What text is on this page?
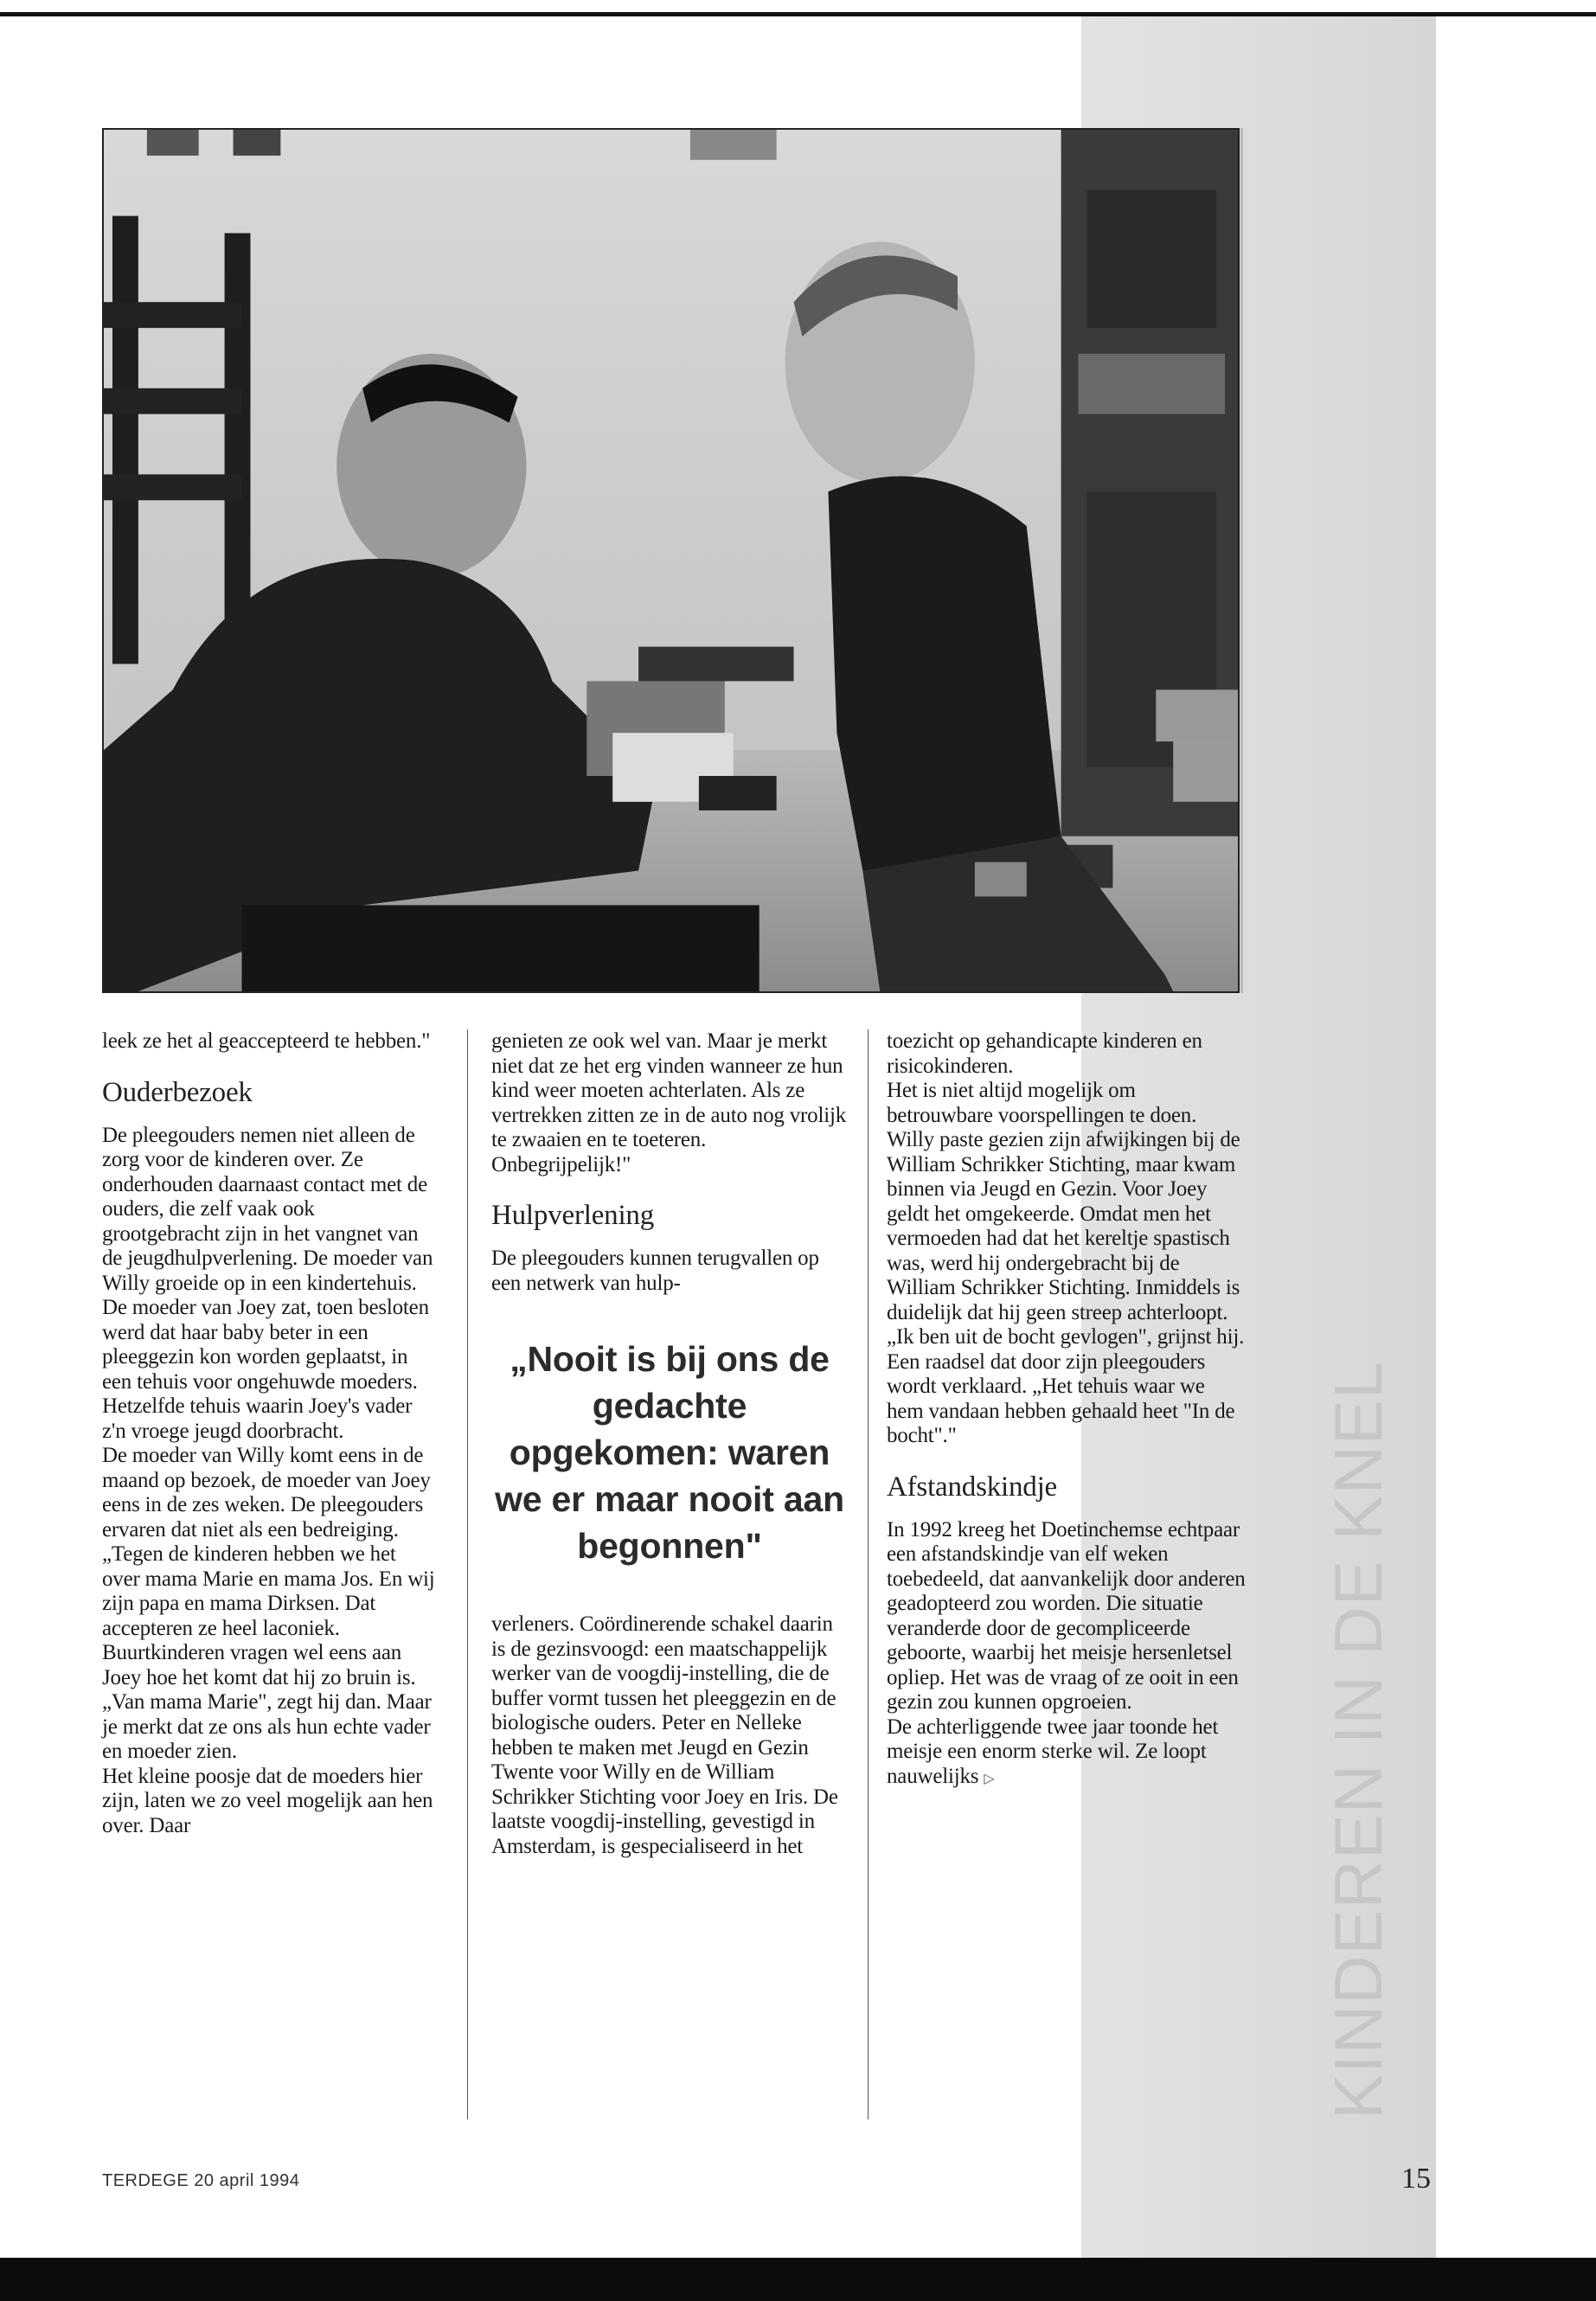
leek ze het al geaccepteerd te hebben."

Ouderbezoek

De pleegouders nemen niet alleen de zorg voor de kinderen over. Ze onderhouden daarnaast contact met de ouders, die zelf vaak ook grootgebracht zijn in het vangnet van de jeugdhulpverlening. De moeder van Willy groeide op in een kindertehuis. De moeder van Joey zat, toen besloten werd dat haar baby beter in een pleeggezin kon worden geplaatst, in een tehuis voor ongehuwde moeders. Hetzelfde tehuis waarin Joey's vader z'n vroege jeugd doorbracht.

De moeder van Willy komt eens in de maand op bezoek, de moeder van Joey eens in de zes weken. De pleegouders ervaren dat niet als een bedreiging. „Tegen de kinderen hebben we het over mama Marie en mama Jos. En wij zijn papa en mama Dirksen. Dat accepteren ze heel laconiek. Buurtkinderen vragen wel eens aan Joey hoe het komt dat hij zo bruin is. „Van mama Marie", zegt hij dan. Maar je merkt dat ze ons als hun echte vader en moeder zien.

Het kleine poosje dat de moeders hier zijn, laten we zo veel mogelijk aan hen over. Daar

genieten ze ook wel van. Maar je merkt niet dat ze het erg vinden wanneer ze hun kind weer moeten achterlaten. Als ze vertrekken zitten ze in de auto nog vrolijk te zwaaien en te toeteren. Onbegrijpelijk!"

Hulpverlening

De pleegouders kunnen terugvallen op een netwerk van hulp-

„Nooit is bij ons de gedachte opgekomen: waren we er maar nooit aan begonnen"

verleners. Coördinerende schakel daarin is de gezinsvoogd: een maatschappelijk werker van de voogdij-instelling, die de buffer vormt tussen het pleeggezin en de biologische ouders. Peter en Nelleke hebben te maken met Jeugd en Gezin Twente voor Willy en de William Schrikker Stichting voor Joey en Iris. De laatste voogdij-instelling, gevestigd in Amsterdam, is gespecialiseerd in het

toezicht op gehandicapte kinderen en risicokinderen.

Het is niet altijd mogelijk om betrouwbare voorspellingen te doen. Willy paste gezien zijn afwijkingen bij de William Schrikker Stichting, maar kwam binnen via Jeugd en Gezin. Voor Joey geldt het omgekeerde. Omdat men het vermoeden had dat het kereltje spastisch was, werd hij ondergebracht bij de William Schrikker Stichting. Inmiddels is duidelijk dat hij geen streep achterloopt. „Ik ben uit de bocht gevlogen", grijnst hij. Een raadsel dat door zijn pleegouders wordt verklaard. „Het tehuis waar we hem vandaan hebben gehaald heet "In de bocht"."

Afstandskindje

In 1992 kreeg het Doetinchemse echtpaar een afstandskindje van elf weken toebedeeld, dat aanvankelijk door anderen geadopteerd zou worden. Die situatie veranderde door de gecompliceerde geboorte, waarbij het meisje hersenletsel opliep. Het was de vraag of ze ooit in een gezin zou kunnen opgroeien.

De achterliggende twee jaar toonde het meisje een enorm sterke wil. Ze loopt nauwelijks ▷	KINDEREN IN DE KNEL
TERDEGE 20 april 1994	15
